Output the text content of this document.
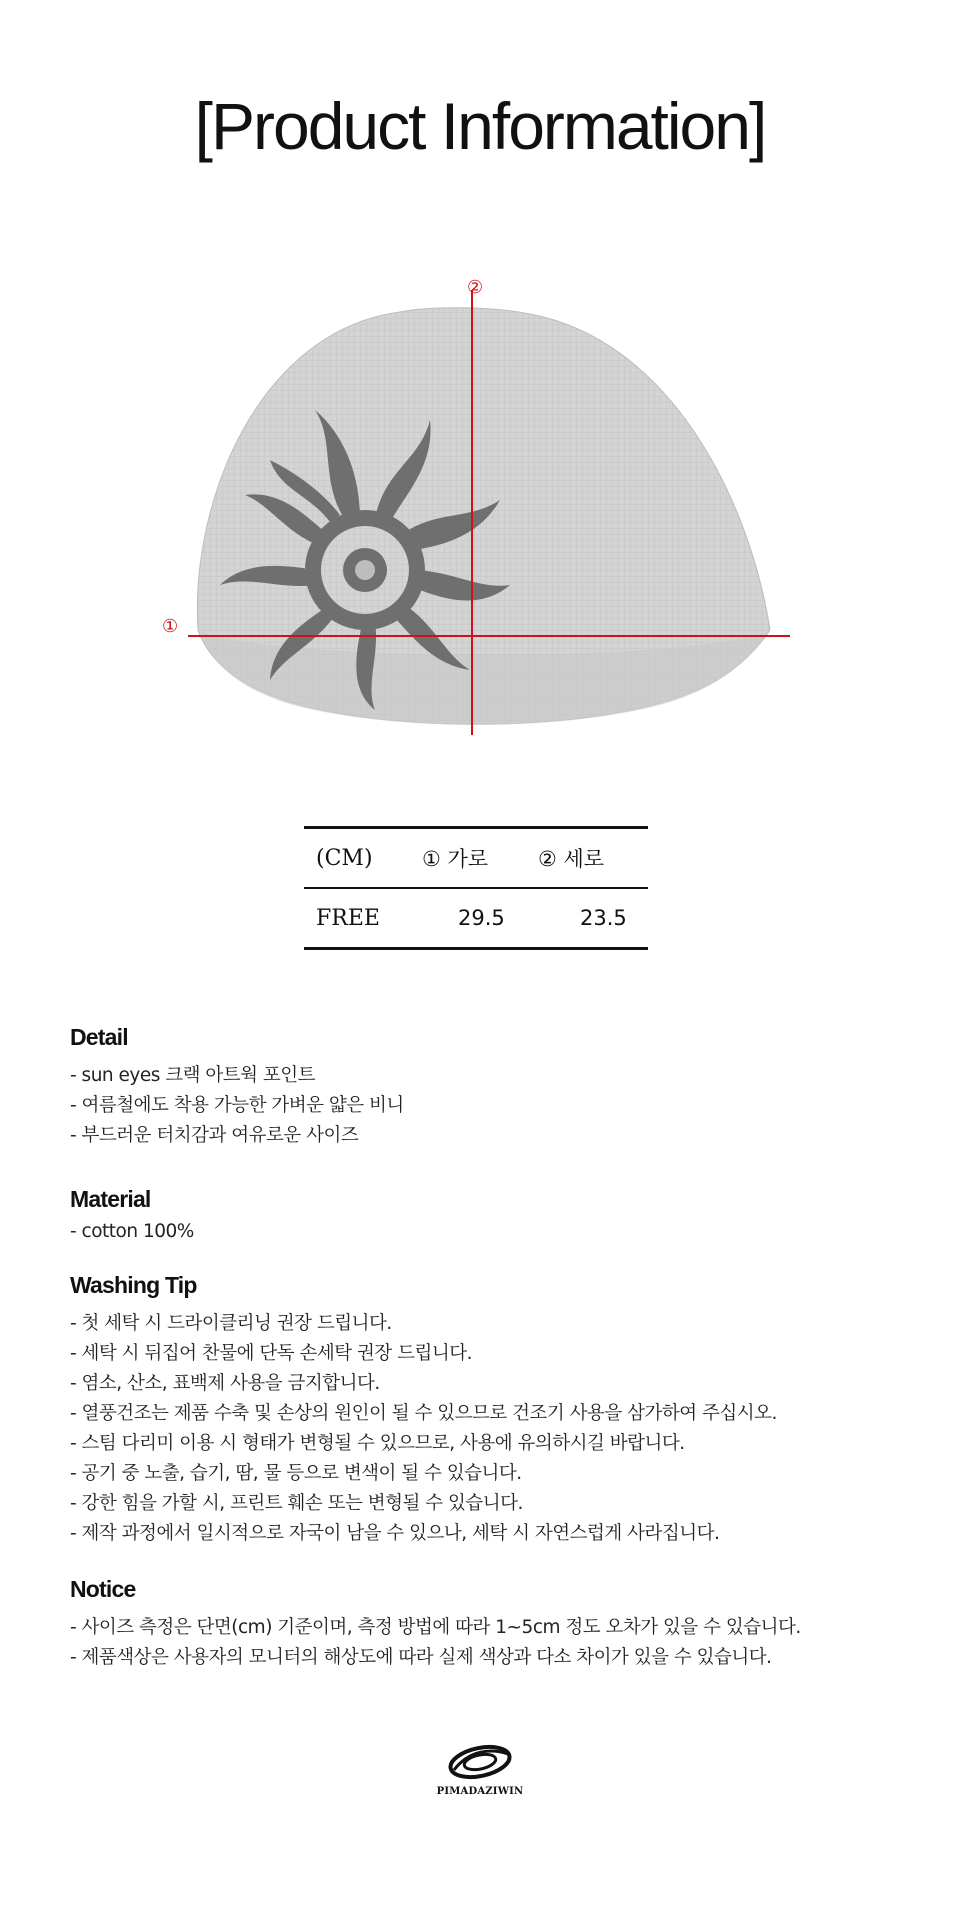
[Product Information]
②
①
(CM)	① 가로	② 세로
FREE	29.5	23.5
Detail
- sun eyes 크랙 아트웍 포인트
- 여름철에도 착용 가능한 가벼운 얇은 비니
- 부드러운 터치감과 여유로운 사이즈
Material
- cotton 100%
Washing Tip
- 첫 세탁 시 드라이클리닝 권장 드립니다.
- 세탁 시 뒤집어 찬물에 단독 손세탁 권장 드립니다.
- 염소, 산소, 표백제 사용을 금지합니다.
- 열풍건조는 제품 수축 및 손상의 원인이 될 수 있으므로 건조기 사용을 삼가하여 주십시오.
- 스팀 다리미 이용 시 형태가 변형될 수 있으므로, 사용에 유의하시길 바랍니다.
- 공기 중 노출, 습기, 땀, 물 등으로 변색이 될 수 있습니다.
- 강한 힘을 가할 시, 프린트 훼손 또는 변형될 수 있습니다.
- 제작 과정에서 일시적으로 자국이 남을 수 있으나, 세탁 시 자연스럽게 사라집니다.
Notice
- 사이즈 측정은 단면(cm) 기준이며, 측정 방법에 따라 1~5cm 정도 오차가 있을 수 있습니다.
- 제품색상은 사용자의 모니터의 해상도에 따라 실제 색상과 다소 차이가 있을 수 있습니다.
PIMADAZIWIN
